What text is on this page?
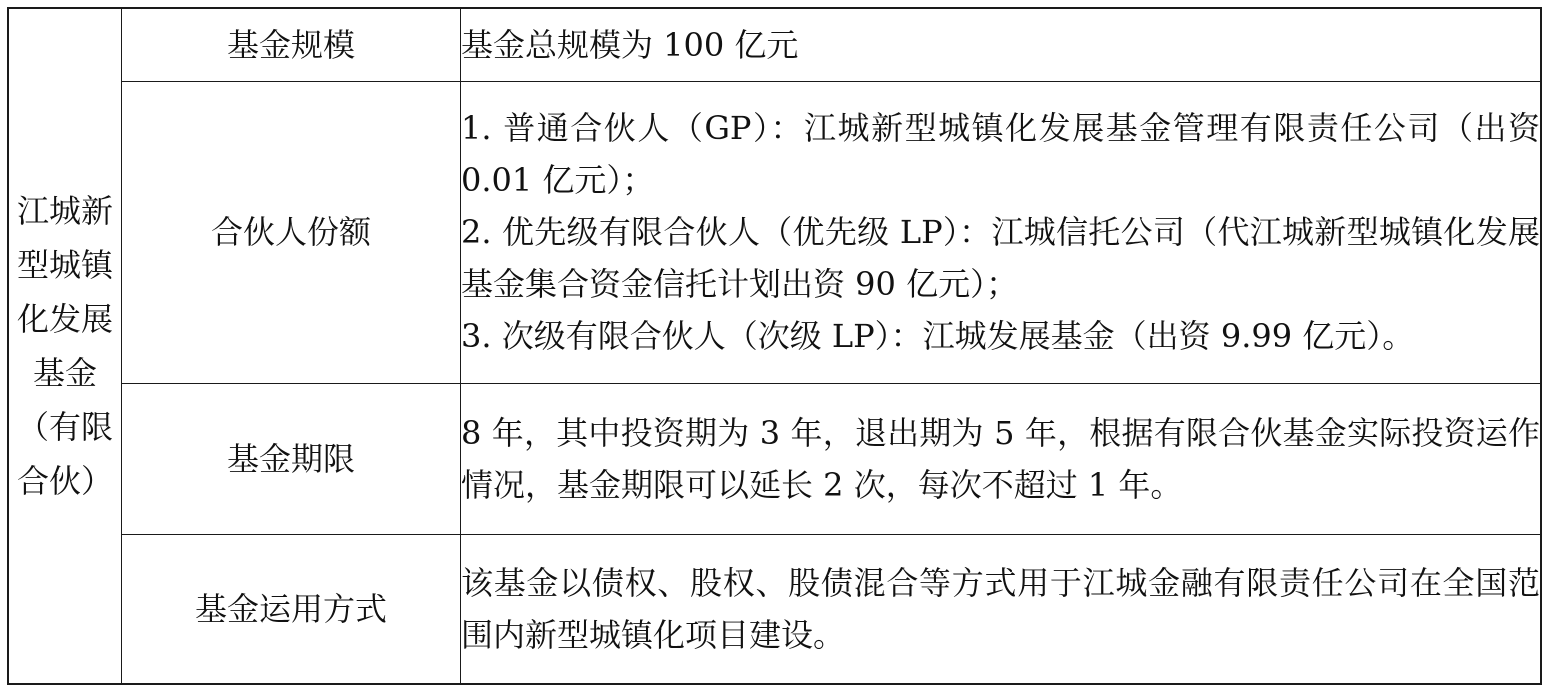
江城新型城镇化发展基金（有限合伙）	基金规模	基金总规模为 100 亿元

	合伙人份额	1. 普通合伙人（GP）：江城新型城镇化发展基金管理有限责任公司（出资 0.01 亿元）；
2. 优先级有限合伙人（优先级 LP）：江城信托公司（代江城新型城镇化发展基金集合资金信托计划出资 90 亿元）；
3. 次级有限合伙人（次级 LP）：江城发展基金（出资 9.99 亿元）。

	基金期限	8 年，其中投资期为 3 年，退出期为 5 年，根据有限合伙基金实际投资运作情况，基金期限可以延长 2 次，每次不超过 1 年。

	基金运用方式	该基金以债权、股权、股债混合等方式用于江城金融有限责任公司在全国范围内新型城镇化项目建设。
